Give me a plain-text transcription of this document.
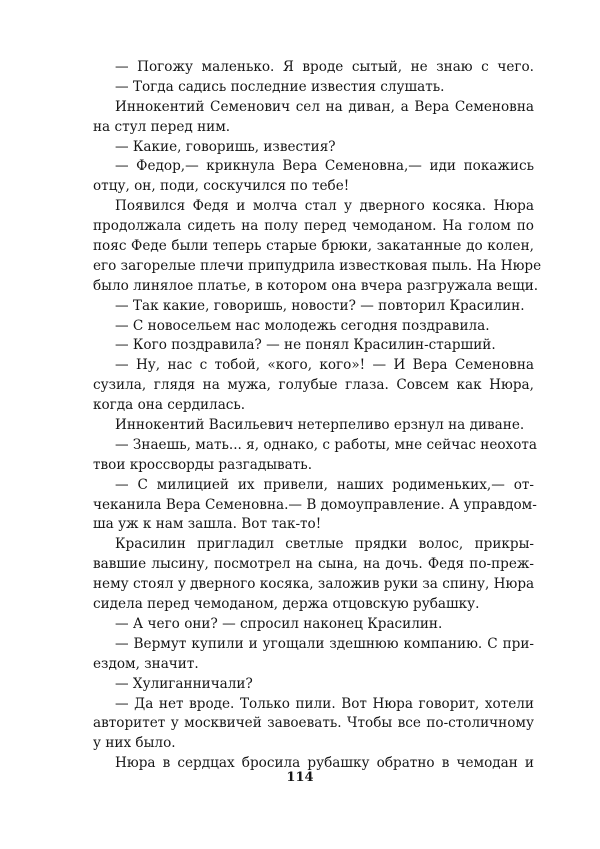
— Погожу маленько. Я вроде сытый, не знаю с чего.
— Тогда садись последние известия слушать.
Иннокентий Семенович сел на диван, а Вера Семеновна
на стул перед ним.
— Какие, говоришь, известия?
— Федор,— крикнула Вера Семеновна,— иди покажись
отцу, он, поди, соскучился по тебе!
Появился Федя и молча стал у дверного косяка. Нюра
продолжала сидеть на полу перед чемоданом. На голом по
пояс Феде были теперь старые брюки, закатанные до колен,
его загорелые плечи припудрила известковая пыль. На Нюре
было линялое платье, в котором она вчера разгружала вещи.
— Так какие, говоришь, новости? — повторил Красилин.
— С новосельем нас молодежь сегодня поздравила.
— Кого поздравила? — не понял Красилин-старший.
— Ну, нас с тобой, «кого, кого»! — И Вера Семеновна
сузила, глядя на мужа, голубые глаза. Совсем как Нюра,
когда она сердилась.
Иннокентий Васильевич нетерпеливо ерзнул на диване.
— Знаешь, мать... я, однако, с работы, мне сейчас неохота
твои кроссворды разгадывать.
— С милицией их привели, наших родименьких,— от-
чеканила Вера Семеновна.— В домоуправление. А управдом-
ша уж к нам зашла. Вот так-то!
Красилин пригладил светлые прядки волос, прикры-
вавшие лысину, посмотрел на сына, на дочь. Федя по-преж-
нему стоял у дверного косяка, заложив руки за спину, Нюра
сидела перед чемоданом, держа отцовскую рубашку.
— А чего они? — спросил наконец Красилин.
— Вермут купили и угощали здешнюю компанию. С при-
ездом, значит.
— Хулиганничали?
— Да нет вроде. Только пили. Вот Нюра говорит, хотели
авторитет у москвичей завоевать. Чтобы все по-столичному
у них было.
Нюра в сердцах бросила рубашку обратно в чемодан и
114
